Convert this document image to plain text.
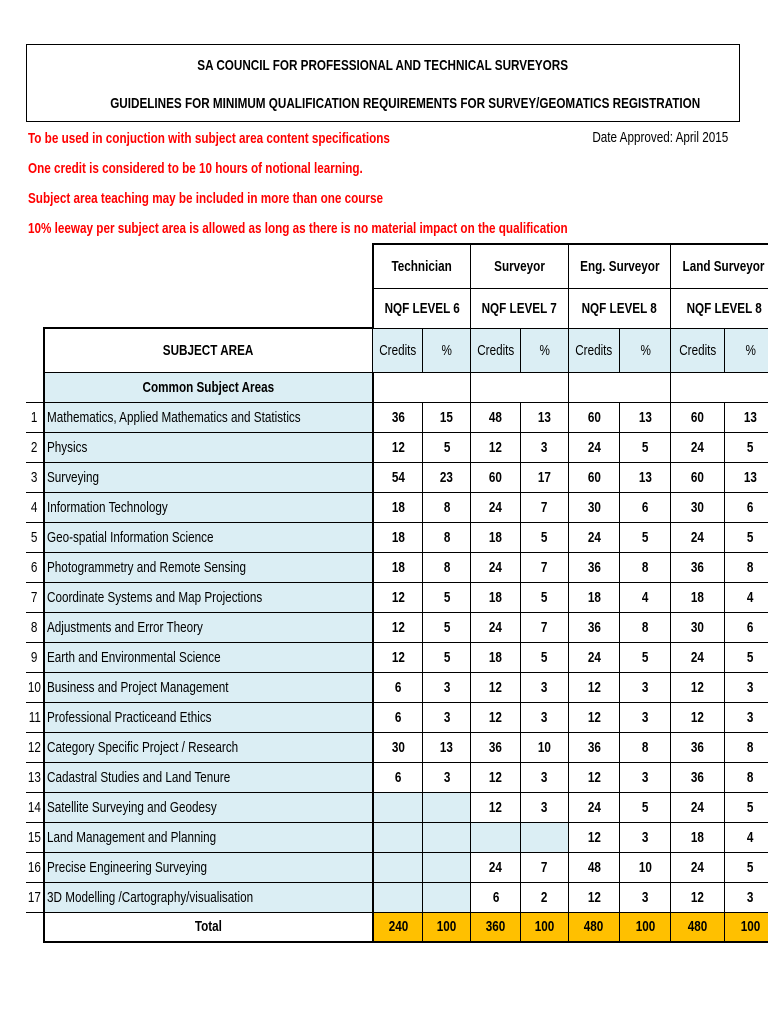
SA COUNCIL FOR PROFESSIONAL AND TECHNICAL SURVEYORS
GUIDELINES FOR MINIMUM QUALIFICATION REQUIREMENTS FOR SURVEY/GEOMATICS REGISTRATION
To be used in conjuction with subject area content specifications
One credit is considered to be 10 hours of notional learning.
Subject area teaching may be included in more than one course
10% leeway per subject area is allowed as long as there is no material impact on the qualification
Date Approved: April 2015
		Technician		Surveyor		Eng. Surveyor		Land Surveyor	
		NQF LEVEL 6		NQF LEVEL 7		NQF LEVEL 8		NQF LEVEL 8	
	SUBJECT AREA	Credits	%	Credits	%	Credits	%	Credits	%
	Common Subject Areas								
1	Mathematics, Applied Mathematics and Statistics	36	15	48	13	60	13	60	13
2	Physics	12	5	12	3	24	5	24	5
3	Surveying	54	23	60	17	60	13	60	13
4	Information Technology	18	8	24	7	30	6	30	6
5	Geo-spatial Information Science	18	8	18	5	24	5	24	5
6	Photogrammetry and Remote Sensing	18	8	24	7	36	8	36	8
7	Coordinate Systems and Map Projections	12	5	18	5	18	4	18	4
8	Adjustments and Error Theory	12	5	24	7	36	8	30	6
9	Earth and Environmental Science	12	5	18	5	24	5	24	5
10	Business and Project Management	6	3	12	3	12	3	12	3
11	Professional Practiceand Ethics	6	3	12	3	12	3	12	3
12	Category Specific Project / Research	30	13	36	10	36	8	36	8
13	Cadastral Studies and Land Tenure	6	3	12	3	12	3	36	8
14	Satellite Surveying and Geodesy			12	3	24	5	24	5
15	Land Management and Planning					12	3	18	4
16	Precise Engineering Surveying			24	7	48	10	24	5
17	3D Modelling /Cartography/visualisation			6	2	12	3	12	3
	Total	240	100	360	100	480	100	480	100
